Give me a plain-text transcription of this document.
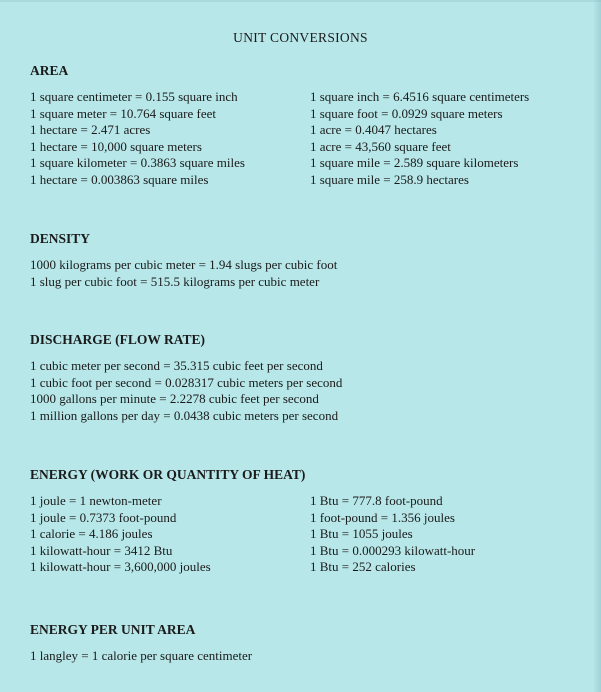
UNIT CONVERSIONS
AREA
1 square centimeter = 0.155 square inch
1 square meter = 10.764 square feet
1 hectare = 2.471 acres
1 hectare = 10,000 square meters
1 square kilometer = 0.3863 square miles
1 hectare = 0.003863 square miles
1 square inch = 6.4516 square centimeters
1 square foot = 0.0929 square meters
1 acre = 0.4047 hectares
1 acre = 43,560 square feet
1 square mile = 2.589 square kilometers
1 square mile = 258.9 hectares
DENSITY
1000 kilograms per cubic meter = 1.94 slugs per cubic foot
1 slug per cubic foot = 515.5 kilograms per cubic meter
DISCHARGE (FLOW RATE)
1 cubic meter per second = 35.315 cubic feet per second
1 cubic foot per second = 0.028317 cubic meters per second
1000 gallons per minute = 2.2278 cubic feet per second
1 million gallons per day = 0.0438 cubic meters per second
ENERGY (WORK OR QUANTITY OF HEAT)
1 joule = 1 newton-meter
1 joule = 0.7373 foot-pound
1 calorie = 4.186 joules
1 kilowatt-hour = 3412 Btu
1 kilowatt-hour = 3,600,000 joules
1 Btu = 777.8 foot-pound
1 foot-pound = 1.356 joules
1 Btu = 1055 joules
1 Btu = 0.000293 kilowatt-hour
1 Btu = 252 calories
ENERGY PER UNIT AREA
1 langley = 1 calorie per square centimeter
